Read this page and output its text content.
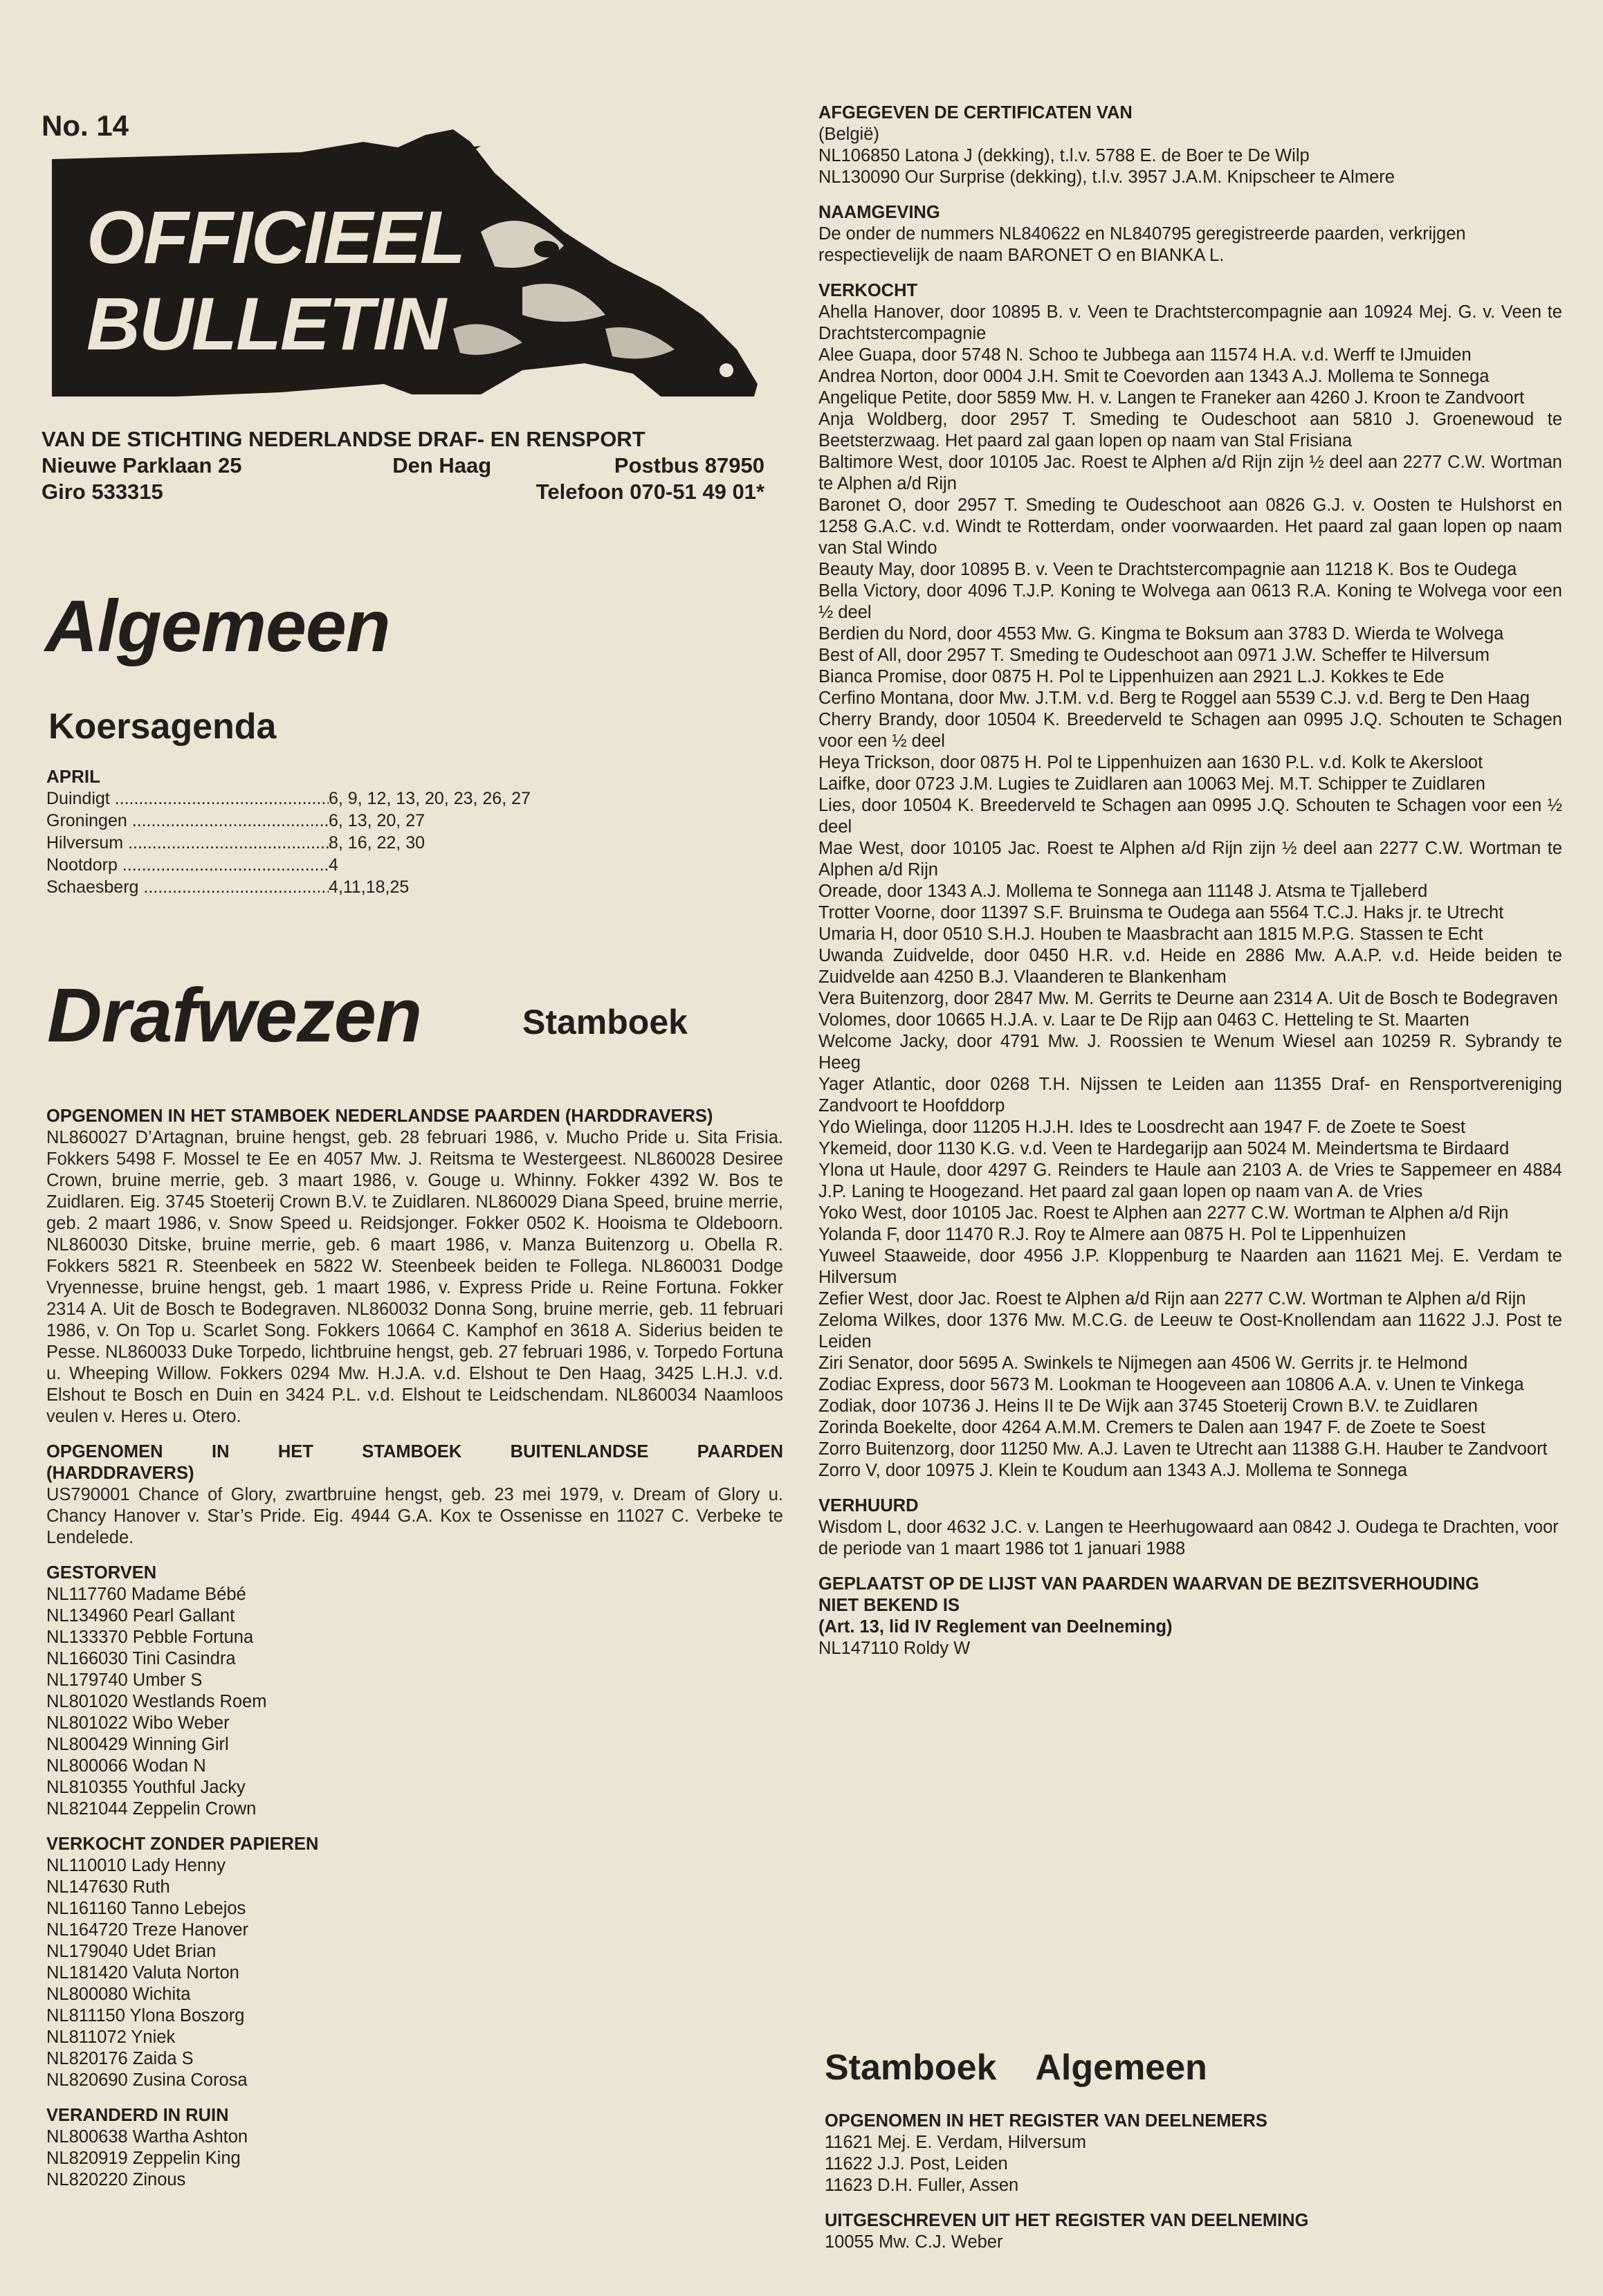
No. 14
OFFICIEEL
BULLETIN
VAN DE STICHTING NEDERLANDSE DRAF- EN RENSPORT
Nieuwe Parklaan 25	Den Haag	Postbus 87950
Giro 533315	Telefoon 070-51 49 01*
Algemeen
Koersagenda
APRIL
Duindigt .....	6, 9, 12, 13, 20, 23, 26, 27
Groningen .....	6, 13, 20, 27
Hilversum .....	8, 16, 22, 30
Nootdorp .....	4
Schaesberg .....	4,11,18,25
Drafwezen	Stamboek
OPGENOMEN IN HET STAMBOEK NEDERLANDSE PAARDEN (HARDDRAVERS)
NL860027 D’Artagnan, bruine hengst, geb. 28 februari 1986, v. Mucho Pride u. Sita Frisia. Fokkers 5498 F. Mossel te Ee en 4057 Mw. J. Reitsma te Westergeest. NL860028 Desiree Crown, bruine merrie, geb. 3 maart 1986, v. Gouge u. Whinny. Fokker 4392 W. Bos te Zuidlaren. Eig. 3745 Stoeterij Crown B.V. te Zuidlaren. NL860029 Diana Speed, bruine merrie, geb. 2 maart 1986, v. Snow Speed u. Reidsjonger. Fokker 0502 K. Hooisma te Oldeboorn. NL860030 Ditske, bruine merrie, geb. 6 maart 1986, v. Manza Buitenzorg u. Obella R. Fokkers 5821 R. Steenbeek en 5822 W. Steenbeek beiden te Follega. NL860031 Dodge Vryennesse, bruine hengst, geb. 1 maart 1986, v. Express Pride u. Reine Fortuna. Fokker 2314 A. Uit de Bosch te Bodegraven. NL860032 Donna Song, bruine merrie, geb. 11 februari 1986, v. On Top u. Scarlet Song. Fokkers 10664 C. Kamphof en 3618 A. Siderius beiden te Pesse. NL860033 Duke Torpedo, lichtbruine hengst, geb. 27 februari 1986, v. Torpedo Fortuna u. Wheeping Willow. Fokkers 0294 Mw. H.J.A. v.d. Elshout te Den Haag, 3425 L.H.J. v.d. Elshout te Bosch en Duin en 3424 P.L. v.d. Elshout te Leidschendam. NL860034 Naamloos veulen v. Heres u. Otero.
OPGENOMEN IN HET STAMBOEK BUITENLANDSE PAARDEN (HARDDRAVERS)
US790001 Chance of Glory, zwartbruine hengst, geb. 23 mei 1979, v. Dream of Glory u. Chancy Hanover v. Star’s Pride. Eig. 4944 G.A. Kox te Ossenisse en 11027 C. Verbeke te Lendelede.
GESTORVEN
NL117760 Madame Bébé
NL134960 Pearl Gallant
NL133370 Pebble Fortuna
NL166030 Tini Casindra
NL179740 Umber S
NL801020 Westlands Roem
NL801022 Wibo Weber
NL800429 Winning Girl
NL800066 Wodan N
NL810355 Youthful Jacky
NL821044 Zeppelin Crown
VERKOCHT ZONDER PAPIEREN
NL110010 Lady Henny
NL147630 Ruth
NL161160 Tanno Lebejos
NL164720 Treze Hanover
NL179040 Udet Brian
NL181420 Valuta Norton
NL800080 Wichita
NL811150 Ylona Boszorg
NL811072 Yniek
NL820176 Zaida S
NL820690 Zusina Corosa
VERANDERD IN RUIN
NL800638 Wartha Ashton
NL820919 Zeppelin King
NL820220 Zinous
AFGEGEVEN DE CERTIFICATEN VAN
(België)
NL106850 Latona J (dekking), t.l.v. 5788 E. de Boer te De Wilp
NL130090 Our Surprise (dekking), t.l.v. 3957 J.A.M. Knipscheer te Almere
NAAMGEVING
De onder de nummers NL840622 en NL840795 geregistreerde paarden, verkrijgen respectievelijk de naam BARONET O en BIANKA L.
VERKOCHT
Ahella Hanover, door 10895 B. v. Veen te Drachtstercompagnie aan 10924 Mej. G. v. Veen te Drachtstercompagnie
Alee Guapa, door 5748 N. Schoo te Jubbega aan 11574 H.A. v.d. Werff te IJmuiden
Andrea Norton, door 0004 J.H. Smit te Coevorden aan 1343 A.J. Mollema te Sonnega
Angelique Petite, door 5859 Mw. H. v. Langen te Franeker aan 4260 J. Kroon te Zandvoort
Anja Woldberg, door 2957 T. Smeding te Oudeschoot aan 5810 J. Groenewoud te Beetsterzwaag. Het paard zal gaan lopen op naam van Stal Frisiana
Baltimore West, door 10105 Jac. Roest te Alphen a/d Rijn zijn ½ deel aan 2277 C.W. Wortman te Alphen a/d Rijn
Baronet O, door 2957 T. Smeding te Oudeschoot aan 0826 G.J. v. Oosten te Hulshorst en 1258 G.A.C. v.d. Windt te Rotterdam, onder voorwaarden. Het paard zal gaan lopen op naam van Stal Windo
Beauty May, door 10895 B. v. Veen te Drachtstercompagnie aan 11218 K. Bos te Oudega
Bella Victory, door 4096 T.J.P. Koning te Wolvega aan 0613 R.A. Koning te Wolvega voor een ½ deel
Berdien du Nord, door 4553 Mw. G. Kingma te Boksum aan 3783 D. Wierda te Wolvega
Best of All, door 2957 T. Smeding te Oudeschoot aan 0971 J.W. Scheffer te Hilversum
Bianca Promise, door 0875 H. Pol te Lippenhuizen aan 2921 L.J. Kokkes te Ede
Cerfino Montana, door Mw. J.T.M. v.d. Berg te Roggel aan 5539 C.J. v.d. Berg te Den Haag
Cherry Brandy, door 10504 K. Breederveld te Schagen aan 0995 J.Q. Schouten te Schagen voor een ½ deel
Heya Trickson, door 0875 H. Pol te Lippenhuizen aan 1630 P.L. v.d. Kolk te Akersloot
Laifke, door 0723 J.M. Lugies te Zuidlaren aan 10063 Mej. M.T. Schipper te Zuidlaren
Lies, door 10504 K. Breederveld te Schagen aan 0995 J.Q. Schouten te Schagen voor een ½ deel
Mae West, door 10105 Jac. Roest te Alphen a/d Rijn zijn ½ deel aan 2277 C.W. Wortman te Alphen a/d Rijn
Oreade, door 1343 A.J. Mollema te Sonnega aan 11148 J. Atsma te Tjalleberd
Trotter Voorne, door 11397 S.F. Bruinsma te Oudega aan 5564 T.C.J. Haks jr. te Utrecht
Umaria H, door 0510 S.H.J. Houben te Maasbracht aan 1815 M.P.G. Stassen te Echt
Uwanda Zuidvelde, door 0450 H.R. v.d. Heide en 2886 Mw. A.A.P. v.d. Heide beiden te Zuidvelde aan 4250 B.J. Vlaanderen te Blankenham
Vera Buitenzorg, door 2847 Mw. M. Gerrits te Deurne aan 2314 A. Uit de Bosch te Bodegraven
Volomes, door 10665 H.J.A. v. Laar te De Rijp aan 0463 C. Hetteling te St. Maarten
Welcome Jacky, door 4791 Mw. J. Roossien te Wenum Wiesel aan 10259 R. Sybrandy te Heeg
Yager Atlantic, door 0268 T.H. Nijssen te Leiden aan 11355 Draf- en Rensportvereniging Zandvoort te Hoofddorp
Ydo Wielinga, door 11205 H.J.H. Ides te Loosdrecht aan 1947 F. de Zoete te Soest
Ykemeid, door 1130 K.G. v.d. Veen te Hardegarijp aan 5024 M. Meindertsma te Birdaard
Ylona ut Haule, door 4297 G. Reinders te Haule aan 2103 A. de Vries te Sappemeer en 4884 J.P. Laning te Hoogezand. Het paard zal gaan lopen op naam van A. de Vries
Yoko West, door 10105 Jac. Roest te Alphen aan 2277 C.W. Wortman te Alphen a/d Rijn
Yolanda F, door 11470 R.J. Roy te Almere aan 0875 H. Pol te Lippenhuizen
Yuweel Staaweide, door 4956 J.P. Kloppenburg te Naarden aan 11621 Mej. E. Verdam te Hilversum
Zefier West, door Jac. Roest te Alphen a/d Rijn aan 2277 C.W. Wortman te Alphen a/d Rijn
Zeloma Wilkes, door 1376 Mw. M.C.G. de Leeuw te Oost-Knollendam aan 11622 J.J. Post te Leiden
Ziri Senator, door 5695 A. Swinkels te Nijmegen aan 4506 W. Gerrits jr. te Helmond
Zodiac Express, door 5673 M. Lookman te Hoogeveen aan 10806 A.A. v. Unen te Vinkega
Zodiak, door 10736 J. Heins II te De Wijk aan 3745 Stoeterij Crown B.V. te Zuidlaren
Zorinda Boekelte, door 4264 A.M.M. Cremers te Dalen aan 1947 F. de Zoete te Soest
Zorro Buitenzorg, door 11250 Mw. A.J. Laven te Utrecht aan 11388 G.H. Hauber te Zandvoort
Zorro V, door 10975 J. Klein te Koudum aan 1343 A.J. Mollema te Sonnega
VERHUURD
Wisdom L, door 4632 J.C. v. Langen te Heerhugowaard aan 0842 J. Oudega te Drachten, voor de periode van 1 maart 1986 tot 1 januari 1988
GEPLAATST OP DE LIJST VAN PAARDEN WAARVAN DE BEZITSVERHOUDING
NIET BEKEND IS
(Art. 13, lid IV Reglement van Deelneming)
NL147110 Roldy W
Stamboek    Algemeen
OPGENOMEN IN HET REGISTER VAN DEELNEMERS
11621 Mej. E. Verdam, Hilversum
11622 J.J. Post, Leiden
11623 D.H. Fuller, Assen
UITGESCHREVEN UIT HET REGISTER VAN DEELNEMING
10055 Mw. C.J. Weber
